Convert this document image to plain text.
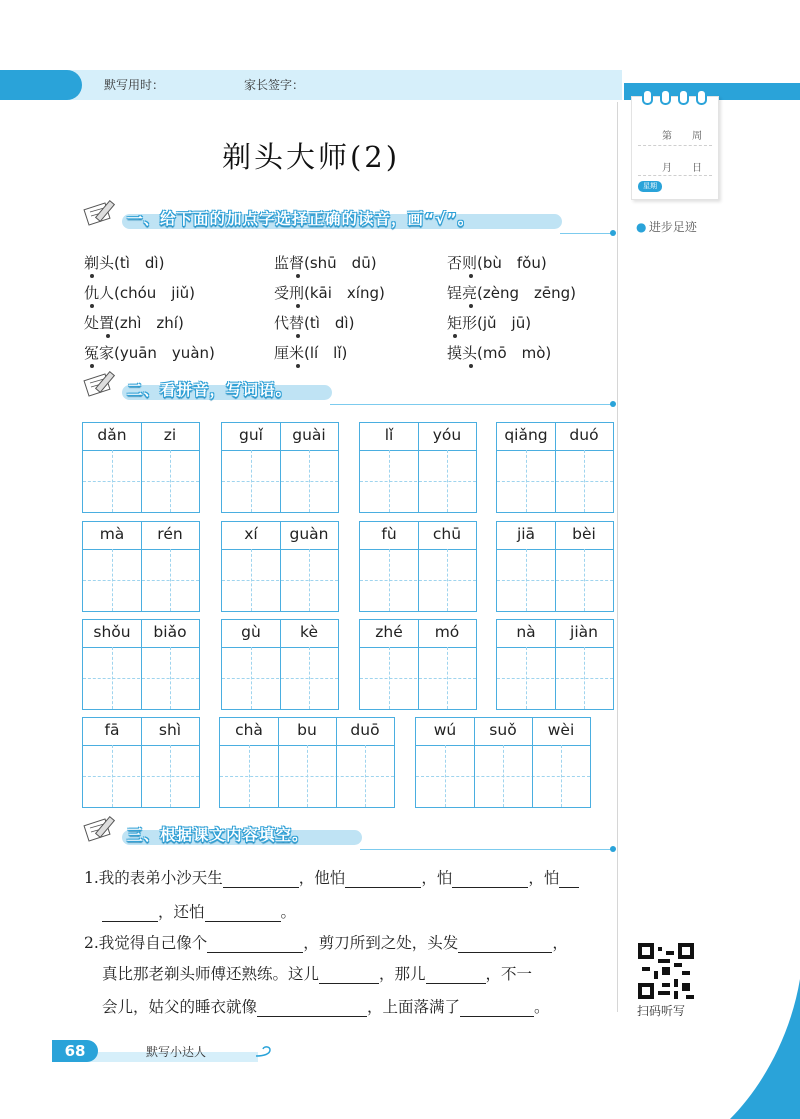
默写用时：	家长签字：
第　　周
月　　日
星期
● 进步足迹
剃头大师(2)
一、给下面的加点字选择正确的读音，画“√”。
剃头(tì　dì)	监督(shū　dū)	否则(bù　fǒu)
仇人(chóu　jiǔ)	受刑(kāi　xíng)	锃亮(zèng　zēng)
处置(zhì　zhí)	代替(tì　dì)	矩形(jǔ　jū)
冤家(yuān　yuàn)	厘米(lí　lǐ)	摸头(mō　mò)
二、看拼音，写词语。
dǎn	zi	guǐ	guài	lǐ	yóu	qiǎng	duó
mà	rén	xí	guàn	fù	chū	jiā	bèi
shǒu	biǎo	gù	kè	zhé	mó	nà	jiàn
fā	shì	chà	bu	duō	wú	suǒ	wèi
三、根据课文内容填空。
1.我的表弟小沙天生	，他怕	，怕	，怕
，还怕	。
2.我觉得自己像个	，剪刀所到之处，头发	，
真比那老剃头师傅还熟练。这儿	，那儿	，不一
会儿，姑父的睡衣就像	，上面落满了	。	扫码听写
68	默写小达人
